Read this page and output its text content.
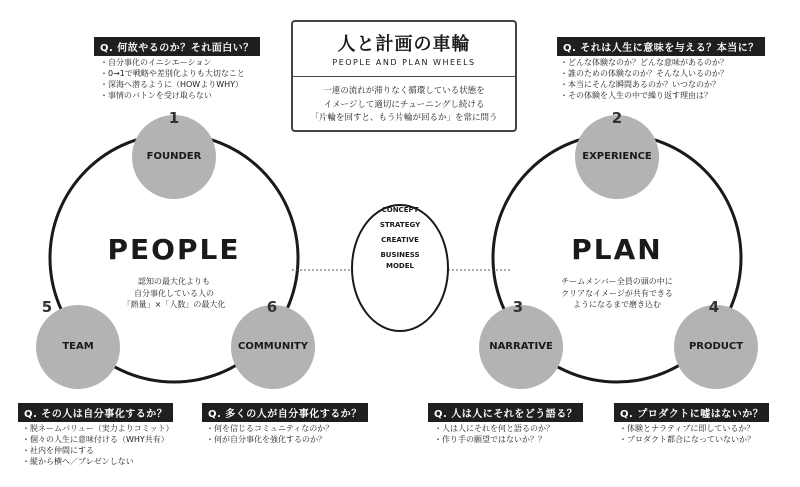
人と計画の車輪
PEOPLE AND PLAN WHEELS
一連の流れが滞りなく循環している状態を
イメージして適切にチューニングし続ける
「片輪を回すと、もう片輪が回るか」を常に問う
CONCEPT
STRATEGY
CREATIVE
BUSINESS
MODEL
PEOPLE
認知の最大化よりも
自分事化している人の
「熱量」×「人数」の最大化
PLAN
チームメンバー全員の頭の中に
クリアなイメージが共有できる
ようになるまで磨き込む
1
FOUNDER
5
TEAM
6
COMMUNITY
2
EXPERIENCE
3
NARRATIVE
4
PRODUCT
Q. 何故やるのか？それ面白い？
・ 自分事化のイニシエーション
・ 0→1で戦略や差別化よりも大切なこと
・ 深海へ潜るように（HOWよりWHY）
・ 事情のバトンを受け取らない
Q. それは人生に意味を与える？本当に？
・ どんな体験なのか？どんな意味があるのか？
・ 誰のための体験なのか？そんな人いるのか？
・ 本当にそんな瞬間あるのか？いつなのか？
・ その体験を人生の中で繰り返す理由は？
Q. その人は自分事化するか？
・ 脱ネームバリュー（実力よりコミット）
・ 個々の人生に意味付ける（WHY共有）
・ 社内を仲間にする
・ 縦から横へ／プレゼンしない
Q. 多くの人が自分事化するか？
・ 何を信じるコミュニティなのか？
・ 何が自分事化を強化するのか？
Q. 人は人にそれをどう語る？
・ 人は人にそれを何と語るのか？
・ 作り手の願望ではないか？？
Q. プロダクトに嘘はないか？
・ 体験とナラティブに即しているか？
・ プロダクト都合になっていないか？
